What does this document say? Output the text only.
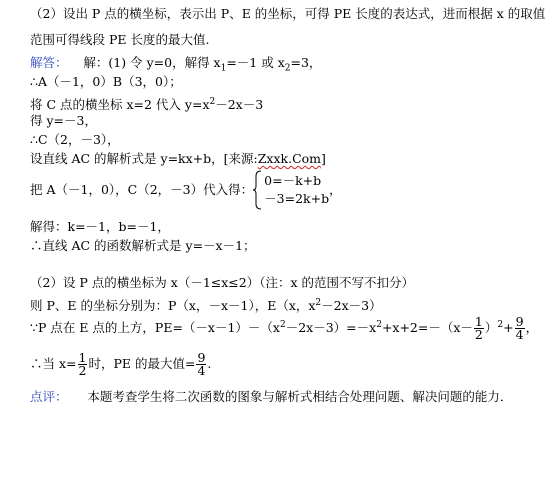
（2）设出 P 点的横坐标，表示出 P、E 的坐标，可得 PE 长度的表达式，进而根据 x 的取值
范围可得线段 PE 长度的最大值.
解答： 解：(1) 令 y=0，解得 $x_1=-1$ 或 $x_2=3$，
∴A（－1，0）B（3，0）；
将 C 点的横坐标 x=2 代入 $y=x^2-2x-3$
得 y=－3，
∴C（2，－3），
设直线 AC 的解析式是 y=kx+b，[来源:Zxxk.Com]
把 A（－1，0），C（2，－3）代入得：
0=－k+b
－3=2k+b
，
解得：k=－1，b=－1，
∴直线 AC 的函数解析式是 y=－x－1；
（2）设 P 点的横坐标为 x（－1≤x≤2）（注：x 的范围不写不扣分）
则 P、E 的坐标分别为：P（x，－x－1），E（x，$x^2-2x-3$）
∵P 点在 E 点的上方，$PE=(-x-1)-(x^2-2x-3)=-x^2+x+2=-(x- \frac{1}{2} )^2+ \frac{9}{4}$ ，
∴当 $x= \frac{1}{2}$ 时，PE 的最大值= $\frac{9}{4}$ .
点评： 本题考查学生将二次函数的图象与解析式相结合处理问题、解决问题的能力．
